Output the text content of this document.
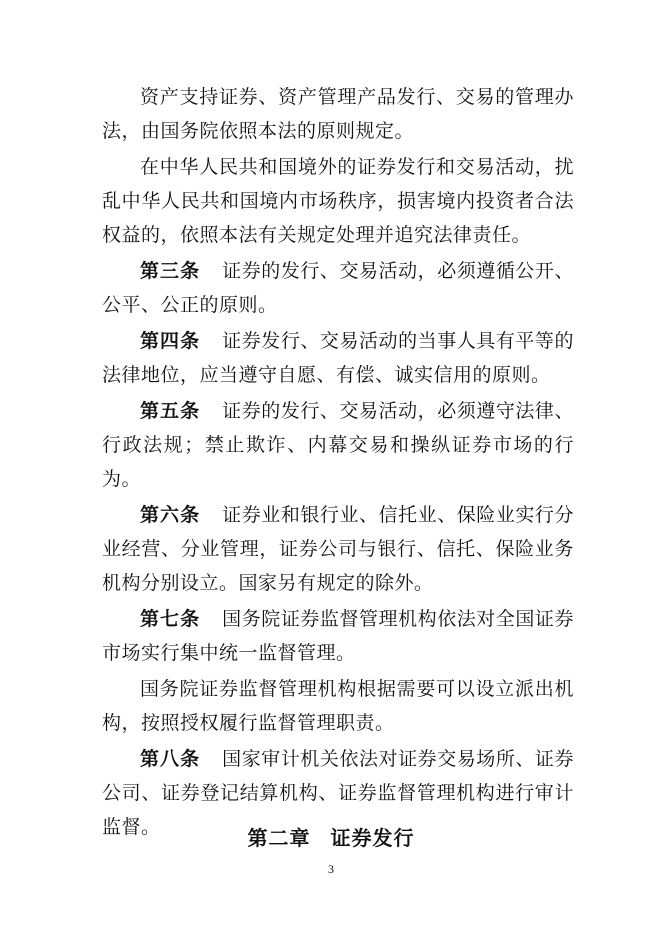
资产支持证券、资产管理产品发行、交易的管理办法，由国务院依照本法的原则规定。

在中华人民共和国境外的证券发行和交易活动，扰乱中华人民共和国境内市场秩序，损害境内投资者合法权益的，依照本法有关规定处理并追究法律责任。

第三条 证券的发行、交易活动，必须遵循公开、公平、公正的原则。

第四条 证券发行、交易活动的当事人具有平等的法律地位，应当遵守自愿、有偿、诚实信用的原则。

第五条 证券的发行、交易活动，必须遵守法律、行政法规；禁止欺诈、内幕交易和操纵证券市场的行为。

第六条 证券业和银行业、信托业、保险业实行分业经营、分业管理，证券公司与银行、信托、保险业务机构分别设立。国家另有规定的除外。

第七条 国务院证券监督管理机构依法对全国证券市场实行集中统一监督管理。

国务院证券监督管理机构根据需要可以设立派出机构，按照授权履行监督管理职责。

第八条 国家审计机关依法对证券交易场所、证券公司、证券登记结算机构、证券监督管理机构进行审计监督。	第二章 证券发行
3
